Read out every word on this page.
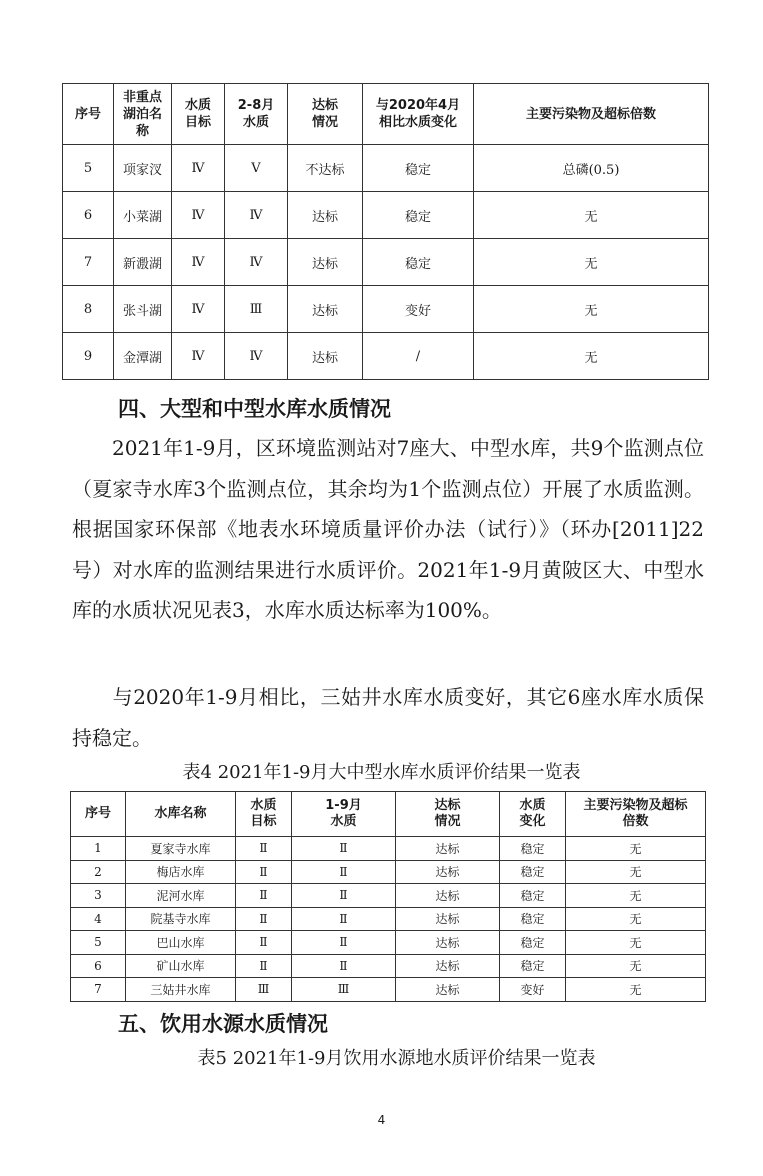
序号	非重点湖泊名称	水质目标	2-8月水质	达标情况	与2020年4月相比水质变化	主要污染物及超标倍数
5	项家汊	Ⅳ	Ⅴ	不达标	稳定	总磷(0.5)
6	小菜湖	Ⅳ	Ⅳ	达标	稳定	无
7	新溵湖	Ⅳ	Ⅳ	达标	稳定	无
8	张斗湖	Ⅳ	Ⅲ	达标	变好	无
9	金潭湖	Ⅳ	Ⅳ	达标	/	无
四、大型和中型水库水质情况

2021年1-9月，区环境监测站对7座大、中型水库，共9个监测点位（夏家寺水库3个监测点位，其余均为1个监测点位）开展了水质监测。根据国家环保部《地表水环境质量评价办法（试行）》（环办[2011]22号）对水库的监测结果进行水质评价。2021年1-9月黄陂区大、中型水库的水质状况见表3，水库水质达标率为100%。

与2020年1-9月相比，三姑井水库水质变好，其它6座水库水质保持稳定。

表4 2021年1-9月大中型水库水质评价结果一览表

序号	水库名称	水质目标	1-9月水质	达标情况	水质变化	主要污染物及超标倍数

1	夏家寺水库	Ⅱ	Ⅱ	达标	稳定	无
2	梅店水库	Ⅱ	Ⅱ	达标	稳定	无
3	泥河水库	Ⅱ	Ⅱ	达标	稳定	无
4	院基寺水库	Ⅱ	Ⅱ	达标	稳定	无
5	巴山水库	Ⅱ	Ⅱ	达标	稳定	无
6	矿山水库	Ⅱ	Ⅱ	达标	稳定	无
7	三姑井水库	Ⅲ	Ⅲ	达标	变好	无
五、饮用水源水质情况

表5 2021年1-9月饮用水源地水质评价结果一览表

4
